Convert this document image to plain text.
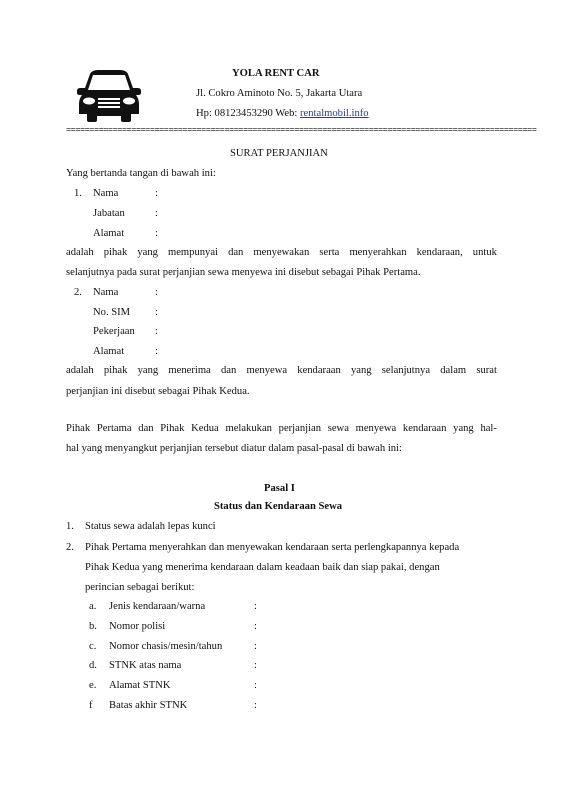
YOLA RENT CAR
Jl. Cokro Aminoto No. 5, Jakarta Utara
Hp: 08123453290 Web: rentalmobil.info
=====================================================================================================
SURAT PERJANJIAN
Yang bertanda tangan di bawah ini:
1. Nama	:
Jabatan	:
Alamat	:
adalah pihak yang mempunyai dan menyewakan serta menyerahkan kendaraan, untuk
selanjutnya pada surat perjanjian sewa menyewa ini disebut sebagai Pihak Pertama.
2. Nama	:
No. SIM :
Pekerjaan :
Alamat	:
adalah pihak yang menerima dan menyewa kendaraan yang selanjutnya dalam surat
perjanjian ini disebut sebagai Pihak Kedua.
Pihak Pertama dan Pihak Kedua melakukan perjanjian sewa menyewa kendaraan yang hal-
hal yang menyangkut perjanjian tersebut diatur dalam pasal-pasal di bawah ini:
Pasal I
Status dan Kendaraan Sewa
1. Status sewa adalah lepas kunci
2. Pihak Pertama menyerahkan dan menyewakan kendaraan serta perlengkapannya kepada
Pihak Kedua yang menerima kendaraan dalam keadaan baik dan siap pakai, dengan
perincian sebagai berikut:
a. Jenis kendaraan/warna	:
b. Nomor polisi	:
c. Nomor chasis/mesin/tahun	:
d. STNK atas nama	:
e. Alamat STNK	:
f Batas akhir STNK	:
